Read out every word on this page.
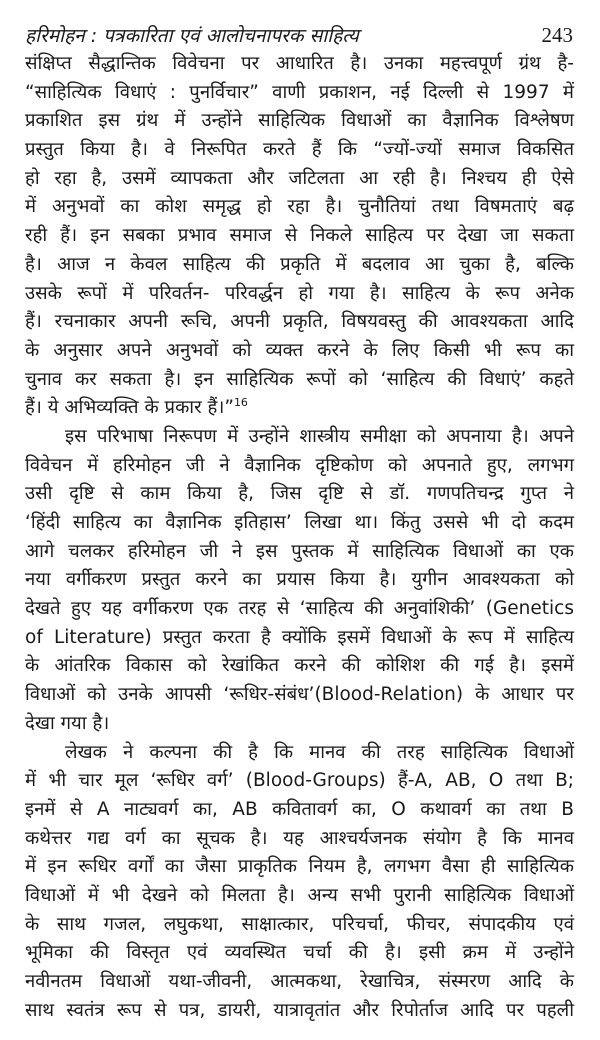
हरिमोहन : पत्रकारिता एवं आलोचनापरक साहित्य	243
संक्षिप्त सैद्धान्तिक विवेचना पर आधारित है। उनका महत्त्वपूर्ण ग्रंथ है-
“साहित्यिक विधाएं : पुनर्विचार” वाणी प्रकाशन, नई दिल्ली से 1997 में
प्रकाशित इस ग्रंथ में उन्होंने साहित्यिक विधाओं का वैज्ञानिक विश्लेषण
प्रस्तुत किया है। वे निरूपित करते हैं कि “ज्यों-ज्यों समाज विकसित
हो रहा है, उसमें व्यापकता और जटिलता आ रही है। निश्चय ही ऐसे
में अनुभवों का कोश समृद्ध हो रहा है। चुनौतियां तथा विषमताएं बढ़
रही हैं। इन सबका प्रभाव समाज से निकले साहित्य पर देखा जा सकता
है। आज न केवल साहित्य की प्रकृति में बदलाव आ चुका है, बल्कि
उसके रूपों में परिवर्तन- परिवर्द्धन हो गया है। साहित्य के रूप अनेक
हैं। रचनाकार अपनी रूचि, अपनी प्रकृति, विषयवस्तु की आवश्यकता आदि
के अनुसार अपने अनुभवों को व्यक्त करने के लिए किसी भी रूप का
चुनाव कर सकता है। इन साहित्यिक रूपों को ‘साहित्य की विधाएं’ कहते
हैं। ये अभिव्यक्ति के प्रकार हैं।”$^{16}$
इस परिभाषा निरूपण में उन्होंने शास्त्रीय समीक्षा को अपनाया है। अपने
विवेचन में हरिमोहन जी ने वैज्ञानिक दृष्टिकोण को अपनाते हुए, लगभग
उसी दृष्टि से काम किया है, जिस दृष्टि से डॉ. गणपतिचन्द्र गुप्त ने
‘हिंदी साहित्य का वैज्ञानिक इतिहास’ लिखा था। किंतु उससे भी दो कदम
आगे चलकर हरिमोहन जी ने इस पुस्तक में साहित्यिक विधाओं का एक
नया वर्गीकरण प्रस्तुत करने का प्रयास किया है। युगीन आवश्यकता को
देखते हुए यह वर्गीकरण एक तरह से ‘साहित्य की अनुवांशिकी’ (Genetics
of Literature) प्रस्तुत करता है क्योंकि इसमें विधाओं के रूप में साहित्य
के आंतरिक विकास को रेखांकित करने की कोशिश की गई है। इसमें
विधाओं को उनके आपसी ‘रूधिर-संबंध’(Blood-Relation) के आधार पर
देखा गया है।
लेखक ने कल्पना की है कि मानव की तरह साहित्यिक विधाओं
में भी चार मूल ‘रूधिर वर्ग’ (Blood-Groups) हैं-A, AB, O तथा B;
इनमें से A नाट्यवर्ग का, AB कवितावर्ग का, O कथावर्ग का तथा B
कथेत्तर गद्य वर्ग का सूचक है। यह आश्चर्यजनक संयोग है कि मानव
में इन रूधिर वर्गों का जैसा प्राकृतिक नियम है, लगभग वैसा ही साहित्यिक
विधाओं में भी देखने को मिलता है। अन्य सभी पुरानी साहित्यिक विधाओं
के साथ गजल, लघुकथा, साक्षात्कार, परिचर्चा, फीचर, संपादकीय एवं
भूमिका की विस्तृत एवं व्यवस्थित चर्चा की है। इसी क्रम में उन्होंने
नवीनतम विधाओं यथा-जीवनी, आत्मकथा, रेखाचित्र, संस्मरण आदि के
साथ स्वतंत्र रूप से पत्र, डायरी, यात्रावृतांत और रिपोर्ताज आदि पर पहली
